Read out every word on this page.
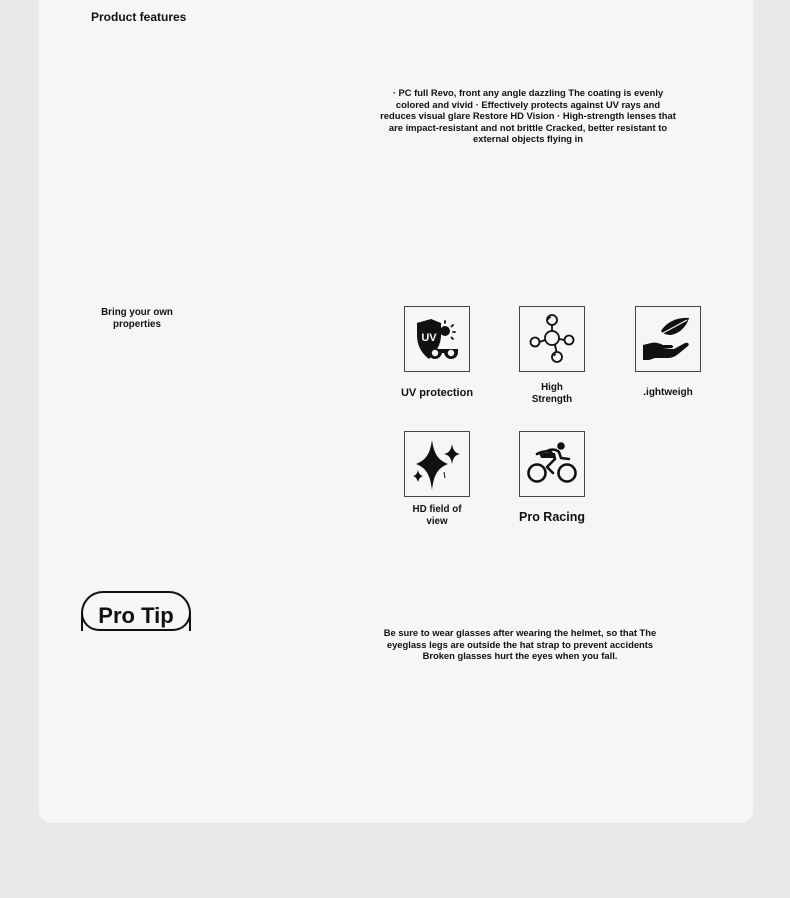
Product features
· PC full Revo, front any angle dazzling The coating is evenly colored and vivid · Effectively protects against UV rays and reduces visual glare Restore HD Vision · High-strength lenses that are impact-resistant and not brittle Cracked, better resistant to external objects flying in
Bring your own properties
UV
UV protection	High Strength
.ightweigh
HD field of view	Pro Racing
Pro Tip
Be sure to wear glasses after wearing the helmet, so that The eyeglass legs are outside the hat strap to prevent accidents Broken glasses hurt the eyes when you fall.
